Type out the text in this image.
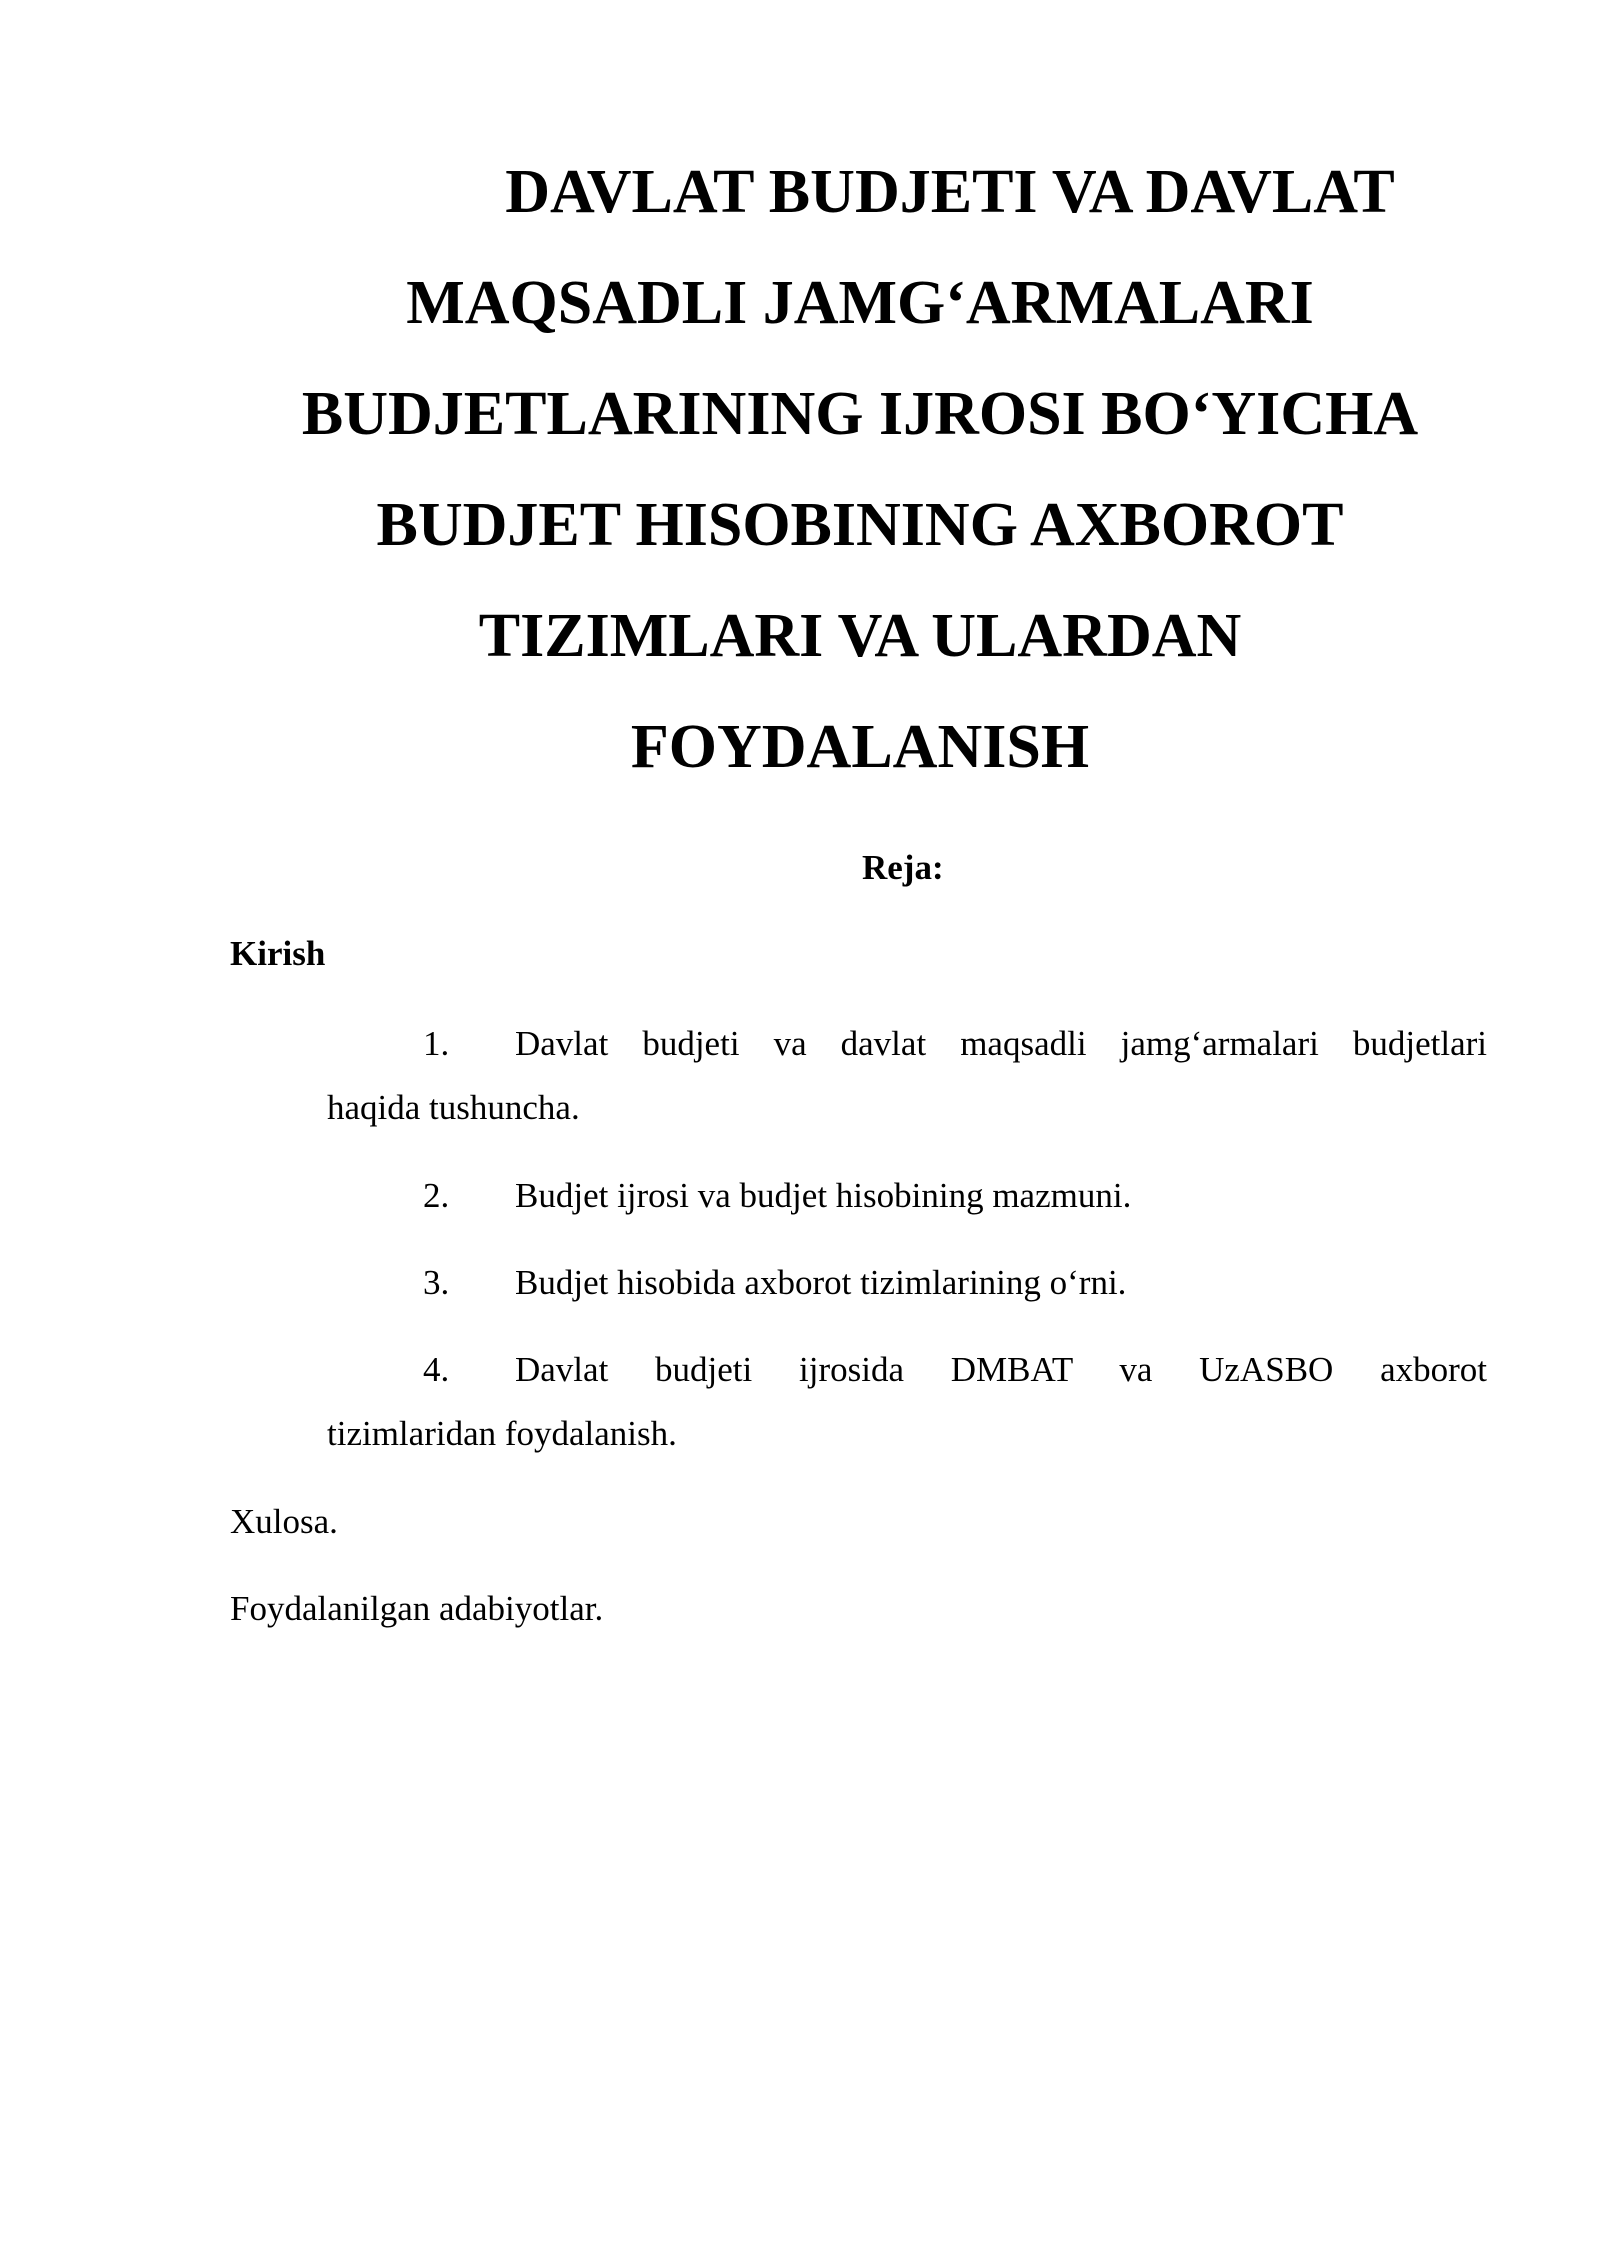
DAVLAT BUDJETI VA DAVLAT
MAQSADLI JAMG‘ARMALARI
BUDJETLARINING IJROSI BO‘YICHA
BUDJET HISOBINING AXBOROT
TIZIMLARI VA ULARDAN
FOYDALANISH
Reja:
Kirish
1. Davlat budjeti va davlat maqsadli jamg‘armalari budjetlari
haqida tushuncha.
2. Budjet ijrosi va budjet hisobining mazmuni.
3. Budjet hisobida axborot tizimlarining o‘rni.
4. Davlat budjeti ijrosida DMBAT va UzASBO axborot
tizimlaridan foydalanish.
Xulosa.
Foydalanilgan adabiyotlar.
